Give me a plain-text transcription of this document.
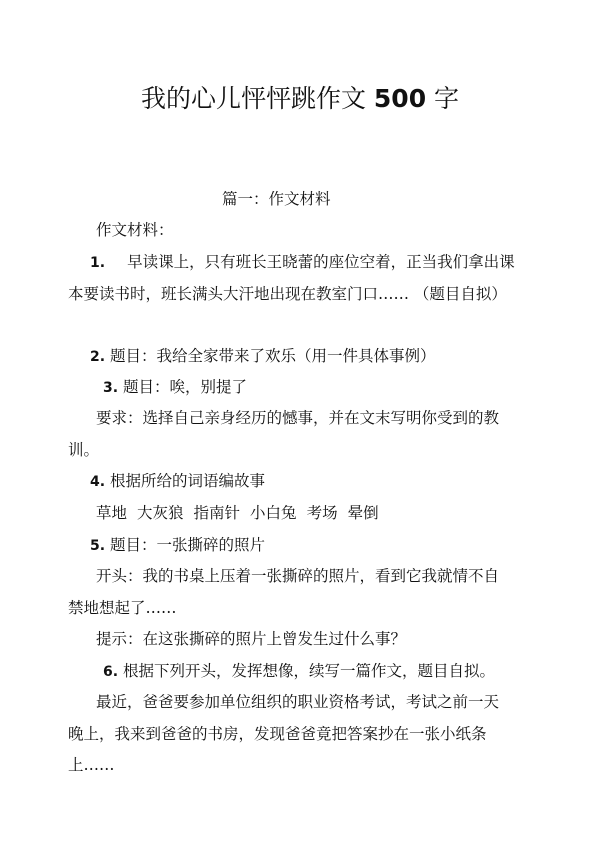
我的心儿怦怦跳作文 500 字
篇一：作文材料
作文材料：
1. 早读课上，只有班长王晓蕾的座位空着，正当我们拿出课
本要读书时，班长满头大汗地出现在教室门口…… （题目自拟）
2. 题目：我给全家带来了欢乐（用一件具体事例）
3. 题目：唉，别提了
要求：选择自己亲身经历的憾事，并在文末写明你受到的教
训。
4. 根据所给的词语编故事
草地 大灰狼 指南针 小白兔 考场 晕倒
5. 题目：一张撕碎的照片
开头：我的书桌上压着一张撕碎的照片，看到它我就情不自
禁地想起了……
提示：在这张撕碎的照片上曾发生过什么事？
6. 根据下列开头，发挥想像，续写一篇作文，题目自拟。
最近，爸爸要参加单位组织的职业资格考试，考试之前一天
晚上，我来到爸爸的书房，发现爸爸竟把答案抄在一张小纸条
上……
